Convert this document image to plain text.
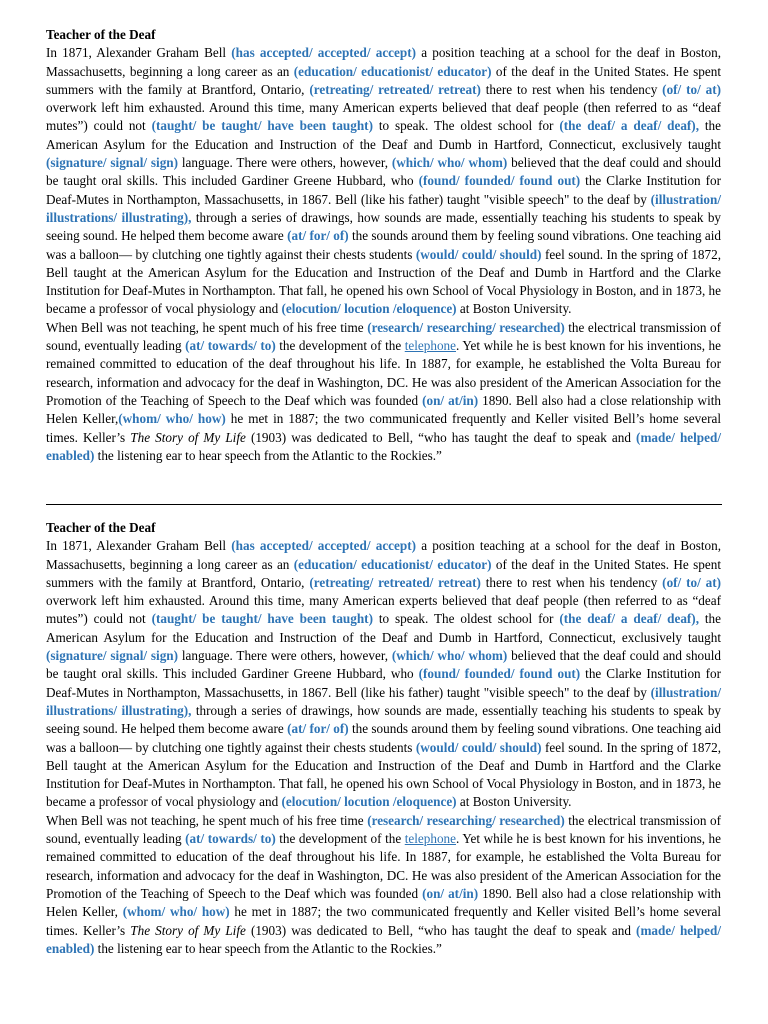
Teacher of the Deaf

In 1871, Alexander Graham Bell (has accepted/ accepted/ accept) a position teaching at a school for the deaf in Boston, Massachusetts, beginning a long career as an (education/ educationist/ educator) of the deaf in the United States. He spent summers with the family at Brantford, Ontario, (retreating/ retreated/ retreat) there to rest when his tendency (of/ to/ at) overwork left him exhausted. Around this time, many American experts believed that deaf people (then referred to as “deaf mutes”) could not (taught/ be taught/ have been taught) to speak. The oldest school for (the deaf/ a deaf/ deaf), the American Asylum for the Education and Instruction of the Deaf and Dumb in Hartford, Connecticut, exclusively taught (signature/ signal/ sign) language. There were others, however, (which/ who/ whom) believed that the deaf could and should be taught oral skills. This included Gardiner Greene Hubbard, who (found/ founded/ found out) the Clarke Institution for Deaf-Mutes in Northampton, Massachusetts, in 1867. Bell (like his father) taught "visible speech" to the deaf by (illustration/ illustrations/ illustrating), through a series of drawings, how sounds are made, essentially teaching his students to speak by seeing sound. He helped them become aware (at/ for/ of) the sounds around them by feeling sound vibrations. One teaching aid was a balloon— by clutching one tightly against their chests students (would/ could/ should) feel sound. In the spring of 1872, Bell taught at the American Asylum for the Education and Instruction of the Deaf and Dumb in Hartford and the Clarke Institution for Deaf-Mutes in Northampton. That fall, he opened his own School of Vocal Physiology in Boston, and in 1873, he became a professor of vocal physiology and (elocution/ locution /eloquence) at Boston University.

When Bell was not teaching, he spent much of his free time (research/ researching/ researched) the electrical transmission of sound, eventually leading (at/ towards/ to) the development of the telephone. Yet while he is best known for his inventions, he remained committed to education of the deaf throughout his life. In 1887, for example, he established the Volta Bureau for research, information and advocacy for the deaf in Washington, DC. He was also president of the American Association for the Promotion of the Teaching of Speech to the Deaf which was founded (on/ at/in) 1890. Bell also had a close relationship with Helen Keller,(whom/ who/ how) he met in 1887; the two communicated frequently and Keller visited Bell’s home several times. Keller’s The Story of My Life (1903) was dedicated to Bell, “who has taught the deaf to speak and (made/ helped/ enabled) the listening ear to hear speech from the Atlantic to the Rockies.”

Teacher of the Deaf

In 1871, Alexander Graham Bell (has accepted/ accepted/ accept) a position teaching at a school for the deaf in Boston, Massachusetts, beginning a long career as an (education/ educationist/ educator) of the deaf in the United States. He spent summers with the family at Brantford, Ontario, (retreating/ retreated/ retreat) there to rest when his tendency (of/ to/ at) overwork left him exhausted. Around this time, many American experts believed that deaf people (then referred to as “deaf mutes”) could not (taught/ be taught/ have been taught) to speak. The oldest school for (the deaf/ a deaf/ deaf), the American Asylum for the Education and Instruction of the Deaf and Dumb in Hartford, Connecticut, exclusively taught (signature/ signal/ sign) language. There were others, however, (which/ who/ whom) believed that the deaf could and should be taught oral skills. This included Gardiner Greene Hubbard, who (found/ founded/ found out) the Clarke Institution for Deaf-Mutes in Northampton, Massachusetts, in 1867. Bell (like his father) taught "visible speech" to the deaf by (illustration/ illustrations/ illustrating), through a series of drawings, how sounds are made, essentially teaching his students to speak by seeing sound. He helped them become aware (at/ for/ of) the sounds around them by feeling sound vibrations. One teaching aid was a balloon— by clutching one tightly against their chests students (would/ could/ should) feel sound. In the spring of 1872, Bell taught at the American Asylum for the Education and Instruction of the Deaf and Dumb in Hartford and the Clarke Institution for Deaf-Mutes in Northampton. That fall, he opened his own School of Vocal Physiology in Boston, and in 1873, he became a professor of vocal physiology and (elocution/ locution /eloquence) at Boston University.

When Bell was not teaching, he spent much of his free time (research/ researching/ researched) the electrical transmission of sound, eventually leading (at/ towards/ to) the development of the telephone. Yet while he is best known for his inventions, he remained committed to education of the deaf throughout his life. In 1887, for example, he established the Volta Bureau for research, information and advocacy for the deaf in Washington, DC. He was also president of the American Association for the Promotion of the Teaching of Speech to the Deaf which was founded (on/ at/in) 1890. Bell also had a close relationship with Helen Keller, (whom/ who/ how) he met in 1887; the two communicated frequently and Keller visited Bell’s home several times. Keller’s The Story of My Life (1903) was dedicated to Bell, “who has taught the deaf to speak and (made/ helped/ enabled) the listening ear to hear speech from the Atlantic to the Rockies.”
